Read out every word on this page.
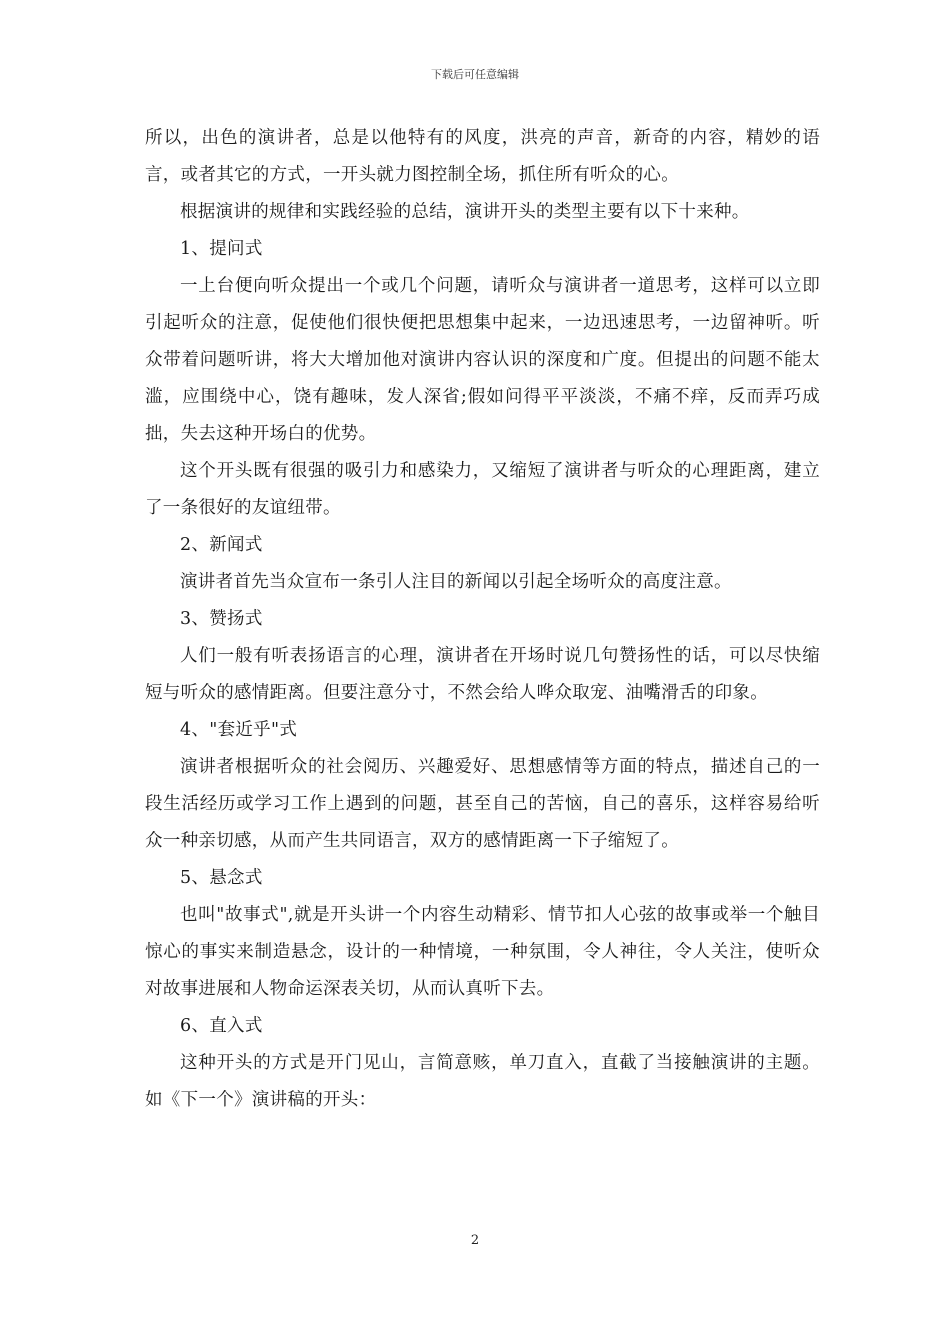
下载后可任意编辑

所以，出色的演讲者，总是以他特有的风度，洪亮的声音，新奇的内容，精妙的语言，或者其它的方式，一开头就力图控制全场，抓住所有听众的心。

根据演讲的规律和实践经验的总结，演讲开头的类型主要有以下十来种。

1、提问式

一上台便向听众提出一个或几个问题，请听众与演讲者一道思考，这样可以立即引起听众的注意，促使他们很快便把思想集中起来，一边迅速思考，一边留神听。听众带着问题听讲，将大大增加他对演讲内容认识的深度和广度。但提出的问题不能太滥，应围绕中心，饶有趣味，发人深省;假如问得平平淡淡，不痛不痒，反而弄巧成拙，失去这种开场白的优势。

这个开头既有很强的吸引力和感染力，又缩短了演讲者与听众的心理距离，建立了一条很好的友谊纽带。

2、新闻式

演讲者首先当众宣布一条引人注目的新闻以引起全场听众的高度注意。

3、赞扬式

人们一般有听表扬语言的心理，演讲者在开场时说几句赞扬性的话，可以尽快缩短与听众的感情距离。但要注意分寸，不然会给人哗众取宠、油嘴滑舌的印象。

4、"套近乎"式

演讲者根据听众的社会阅历、兴趣爱好、思想感情等方面的特点，描述自己的一段生活经历或学习工作上遇到的问题，甚至自己的苦恼，自己的喜乐，这样容易给听众一种亲切感，从而产生共同语言，双方的感情距离一下子缩短了。

5、悬念式

也叫"故事式",就是开头讲一个内容生动精彩、情节扣人心弦的故事或举一个触目惊心的事实来制造悬念，设计的一种情境，一种氛围，令人神往，令人关注，使听众对故事进展和人物命运深表关切，从而认真听下去。

6、直入式

这种开头的方式是开门见山，言简意赅，单刀直入，直截了当接触演讲的主题。如《下一个》演讲稿的开头：

2
